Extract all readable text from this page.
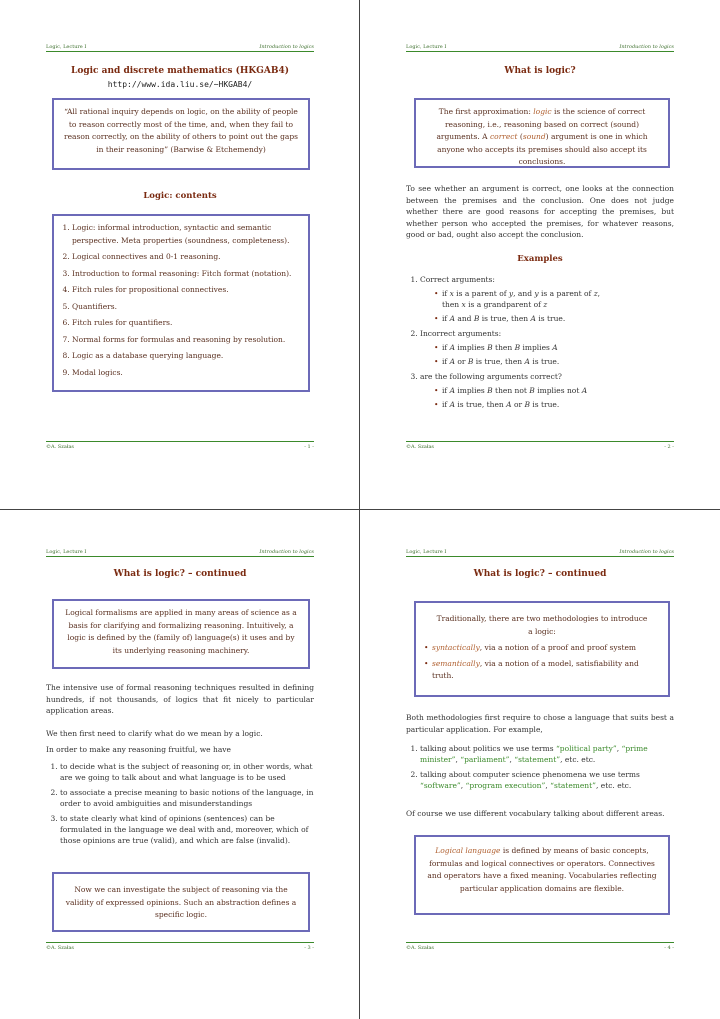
Logic, Lecture I	Introduction to logics
Logic and discrete mathematics (HKGAB4)
http://www.ida.liu.se/∼HKGAB4/
“All rational inquiry depends on logic, on the ability of people to reason correctly most of the time, and, when they fail to reason correctly, on the ability of others to point out the gaps in their reasoning” (Barwise & Etchemendy)
Logic: contents
1. Logic: informal introduction, syntactic and semantic perspective. Meta properties (soundness, completeness).
2. Logical connectives and 0-1 reasoning.
3. Introduction to formal reasoning: Fitch format (notation).
4. Fitch rules for propositional connectives.
5. Quantifiers.
6. Fitch rules for quantifiers.
7. Normal forms for formulas and reasoning by resolution.
8. Logic as a database querying language.
9. Modal logics.
©A. Szałas	- 1 -
Logic, Lecture I	Introduction to logics
What is logic?
The first approximation: logic is the science of correct reasoning, i.e., reasoning based on correct (sound) arguments. A correct (sound) argument is one in which anyone who accepts its premises should also accept its conclusions.
To see whether an argument is correct, one looks at the connection between the premises and the conclusion. One does not judge whether there are good reasons for accepting the premises, but whether person who accepted the premises, for whatever reasons, good or bad, ought also accept the conclusion.
Examples
1. Correct arguments:
• if x is a parent of y, and y is a parent of z,
then x is a grandparent of z
• if A and B is true, then A is true.
2. Incorrect arguments:
• if A implies B then B implies A
• if A or B is true, then A is true.
3. are the following arguments correct?
• if A implies B then not B implies not A
• if A is true, then A or B is true.
©A. Szałas	- 2 -
Logic, Lecture I	Introduction to logics
What is logic? – continued
Logical formalisms are applied in many areas of science as a basis for clarifying and formalizing reasoning. Intuitively, a logic is defined by the (family of) language(s) it uses and by its underlying reasoning machinery.
The intensive use of formal reasoning techniques resulted in defining hundreds, if not thousands, of logics that fit nicely to particular application areas.
We then first need to clarify what do we mean by a logic.
In order to make any reasoning fruitful, we have
1. to decide what is the subject of reasoning or, in other words, what are we going to talk about and what language is to be used
2. to associate a precise meaning to basic notions of the language, in order to avoid ambiguities and misunderstandings
3. to state clearly what kind of opinions (sentences) can be formulated in the language we deal with and, moreover, which of those opinions are true (valid), and which are false (invalid).
Now we can investigate the subject of reasoning via the validity of expressed opinions. Such an abstraction defines a specific logic.
©A. Szałas	- 3 -
Logic, Lecture I	Introduction to logics
What is logic? – continued
Traditionally, there are two methodologies to introduce a logic:
• syntactically, via a notion of a proof and proof system
• semantically, via a notion of a model, satisfiability and truth.
Both methodologies first require to chose a language that suits best a particular application. For example,
1. talking about politics we use terms “political party”, “prime minister”, “parliament”, “statement”, etc. etc.
2. talking about computer science phenomena we use terms “software”, “program execution”, “statement”, etc. etc.
Of course we use different vocabulary talking about different areas.
Logical language is defined by means of basic concepts, formulas and logical connectives or operators. Connectives and operators have a fixed meaning. Vocabularies reflecting particular application domains are flexible.
©A. Szałas	- 4 -
